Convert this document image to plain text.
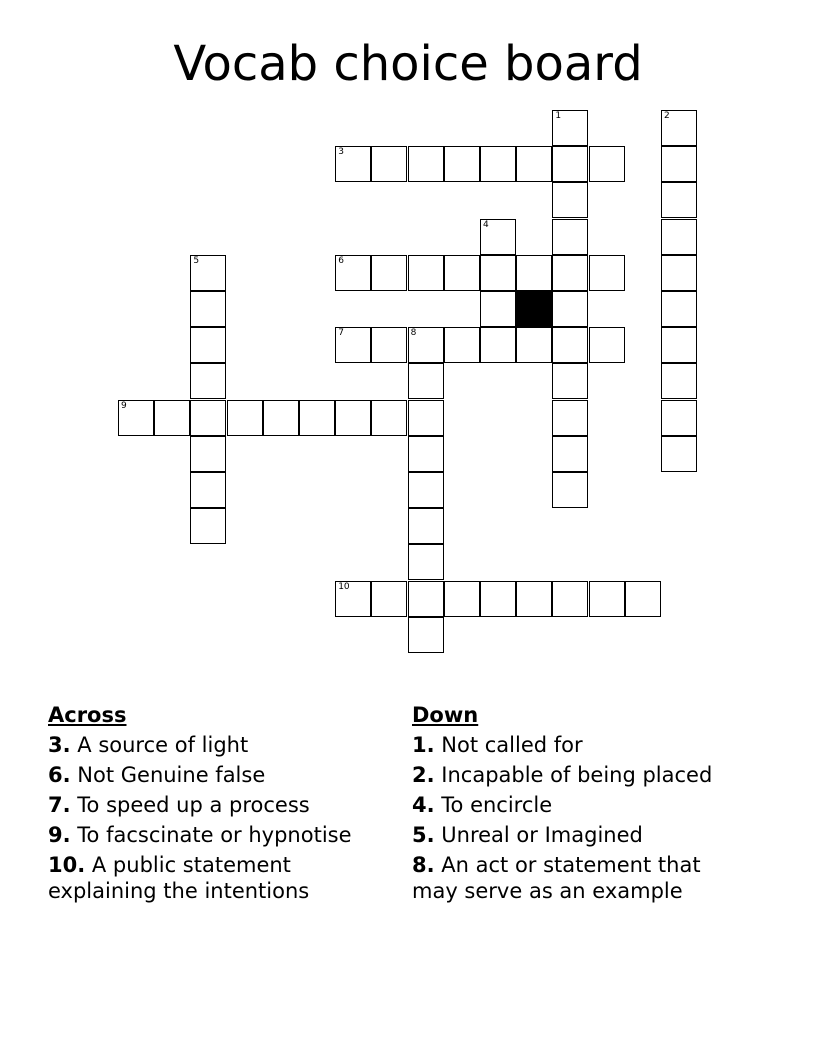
Vocab choice board
1	2
3
4
5	6
7	8
9
10
Across
3. A source of light
6. Not Genuine false
7. To speed up a process
9. To facscinate or hypnotise
10. A public statement explaining the intentions
Down
1. Not called for
2. Incapable of being placed
4. To encircle
5. Unreal or Imagined
8. An act or statement that may serve as an example
